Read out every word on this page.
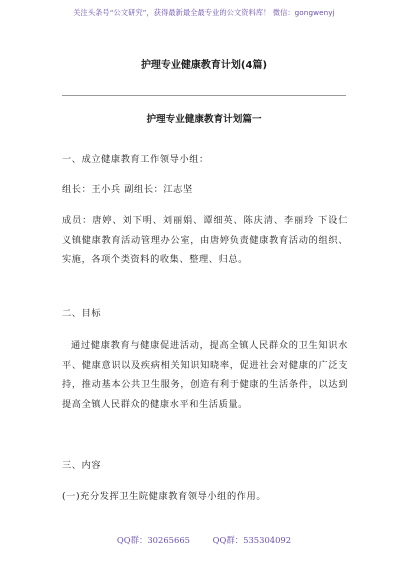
关注头条号“公文研究”，获得最新最全最专业的公文资料库！ 微信：gongwenyj
护理专业健康教育计划(4篇)
护理专业健康教育计划篇一
一、成立健康教育工作领导小组：
组长：王小兵 副组长：江志坚
成员：唐婷、刘下明、刘丽娟、谭细英、陈庆清、李丽玲 下设仁义镇健康教育活动管理办公室，由唐婷负责健康教育活动的组织、实施，各项个类资料的收集、整理、归总。
二、目标
通过健康教育与健康促进活动，提高全镇人民群众的卫生知识水平、健康意识以及疾病相关知识知晓率，促进社会对健康的广泛支持，推动基本公共卫生服务，创造有利于健康的生活条件，以达到提高全镇人民群众的健康水平和生活质量。
三、内容
(一)充分发挥卫生院健康教育领导小组的作用。
QQ群：30265665	QQ群：535304092
